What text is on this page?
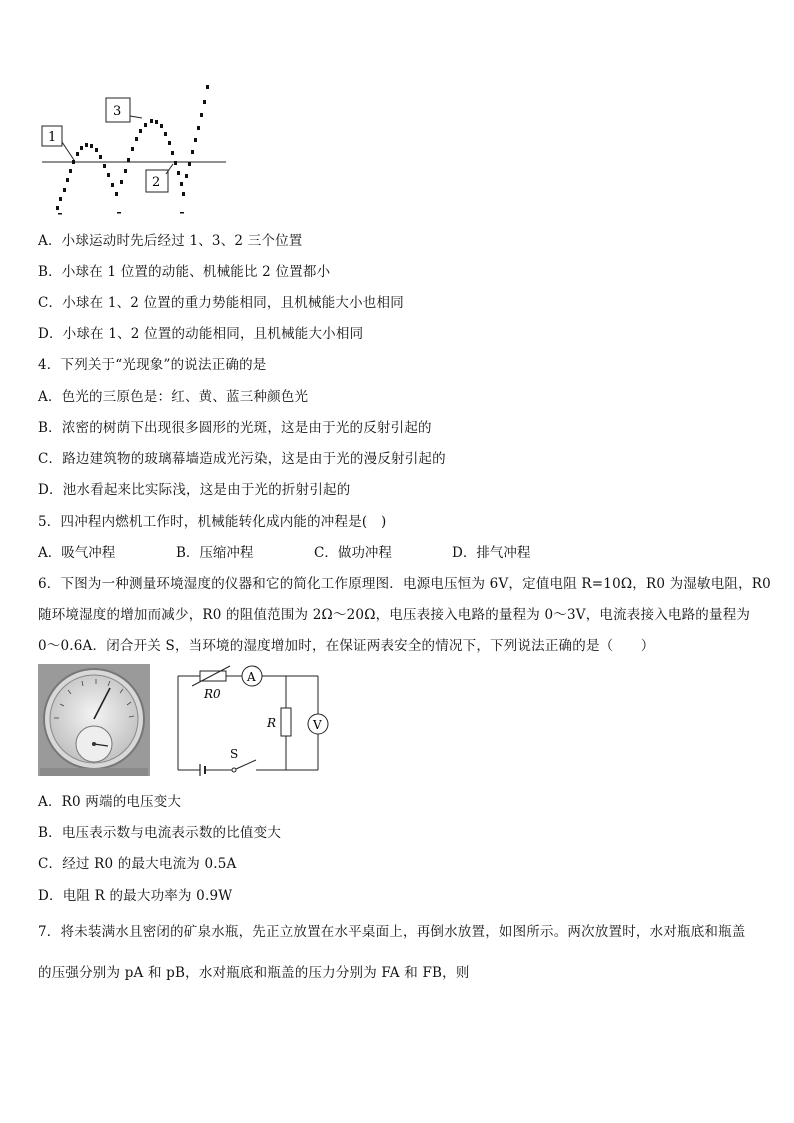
1
3
2
A．小球运动时先后经过 1、3、2 三个位置
B．小球在 1 位置的动能、机械能比 2 位置都小
C．小球在 1、2 位置的重力势能相同，且机械能大小也相同
D．小球在 1、2 位置的动能相同，且机械能大小相同
4．下列关于“光现象”的说法正确的是
A．色光的三原色是：红、黄、蓝三种颜色光
B．浓密的树荫下出现很多圆形的光斑，这是由于光的反射引起的
C．路边建筑物的玻璃幕墙造成光污染，这是由于光的漫反射引起的
D．池水看起来比实际浅，这是由于光的折射引起的
5．四冲程内燃机工作时，机械能转化成内能的冲程是(　)
A．吸气冲程	B．压缩冲程	C．做功冲程	D．排气冲程
6．下图为一种测量环境湿度的仪器和它的简化工作原理图．电源电压恒为 6V，定值电阻 R=10Ω，R0 为湿敏电阻，R0
随环境湿度的增加而减少，R0 的阻值范围为 2Ω～20Ω，电压表接入电路的量程为 0～3V，电流表接入电路的量程为
0～0.6A．闭合开关 S，当环境的湿度增加时，在保证两表安全的情况下，下列说法正确的是（　　）
A
V
R0
R
S
A．R0 两端的电压变大
B．电压表示数与电流表示数的比值变大
C．经过 R0 的最大电流为 0.5A
D．电阻 R 的最大功率为 0.9W
7．将未装满水且密闭的矿泉水瓶，先正立放置在水平桌面上，再倒水放置，如图所示。两次放置时，水对瓶底和瓶盖
的压强分别为 pA 和 pB，水对瓶底和瓶盖的压力分别为 FA 和 FB，则
